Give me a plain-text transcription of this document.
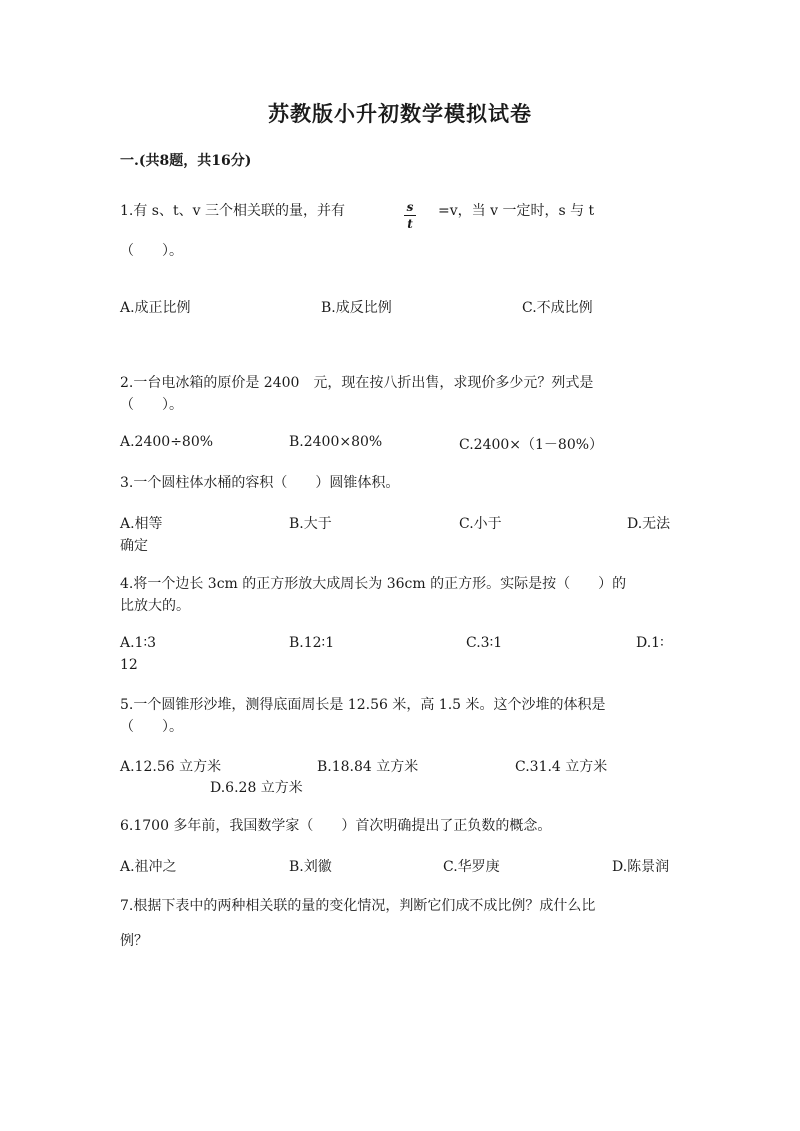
苏教版小升初数学模拟试卷
一.(共8题，共16分)
1.有 s、t、v 三个相关联的量，并有	s
t
=v，当 v 一定时，s 与 t
（　　）。
A.成正比例	B.成反比例	C.不成比例
2.一台电冰箱的原价是 2400　元，现在按八折出售，求现价多少元？列式是
（　　）。
A.2400÷80%	B.2400×80%	C.2400×（1－80%）
3.一个圆柱体水桶的容积（　　）圆锥体积。
A.相等	B.大于	C.小于	D.无法
确定
4.将一个边长 3cm 的正方形放大成周长为 36cm 的正方形。实际是按（　　）的
比放大的。
A.1∶3	B.12∶1	C.3∶1	D.1∶
12
5.一个圆锥形沙堆，测得底面周长是 12.56 米，高 1.5 米。这个沙堆的体积是
（　　）。
A.12.56 立方米	B.18.84 立方米	C.31.4 立方米
D.6.28 立方米
6.1700 多年前，我国数学家（　　）首次明确提出了正负数的概念。
A.祖冲之	B.刘徽	C.华罗庚	D.陈景润
7.根据下表中的两种相关联的量的变化情况，判断它们成不成比例？成什么比
例？
